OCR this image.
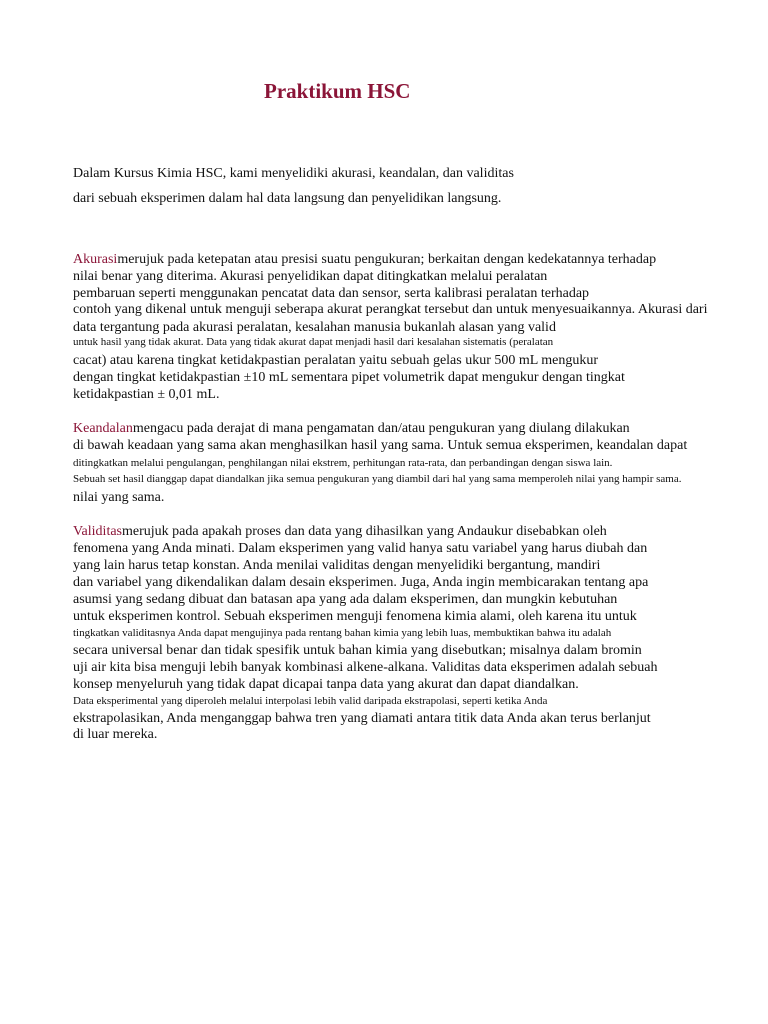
Praktikum HSC
Dalam Kursus Kimia HSC, kami menyelidiki akurasi, keandalan, dan validitas
dari sebuah eksperimen dalam hal data langsung dan penyelidikan langsung.
Akurasimerujuk pada ketepatan atau presisi suatu pengukuran; berkaitan dengan kedekatannya terhadap
nilai benar yang diterima. Akurasi penyelidikan dapat ditingkatkan melalui peralatan
pembaruan seperti menggunakan pencatat data dan sensor, serta kalibrasi peralatan terhadap
contoh yang dikenal untuk menguji seberapa akurat perangkat tersebut dan untuk menyesuaikannya. Akurasi dari
data tergantung pada akurasi peralatan, kesalahan manusia bukanlah alasan yang valid
untuk hasil yang tidak akurat. Data yang tidak akurat dapat menjadi hasil dari kesalahan sistematis (peralatan
cacat) atau karena tingkat ketidakpastian peralatan yaitu sebuah gelas ukur 500 mL mengukur
dengan tingkat ketidakpastian ±10 mL sementara pipet volumetrik dapat mengukur dengan tingkat
ketidakpastian ± 0,01 mL.
Keandalanmengacu pada derajat di mana pengamatan dan/atau pengukuran yang diulang dilakukan
di bawah keadaan yang sama akan menghasilkan hasil yang sama. Untuk semua eksperimen, keandalan dapat
ditingkatkan melalui pengulangan, penghilangan nilai ekstrem, perhitungan rata-rata, dan perbandingan dengan siswa lain.
Sebuah set hasil dianggap dapat diandalkan jika semua pengukuran yang diambil dari hal yang sama memperoleh nilai yang hampir sama.
nilai yang sama.
Validitasmerujuk pada apakah proses dan data yang dihasilkan yang Andaukur disebabkan oleh
fenomena yang Anda minati. Dalam eksperimen yang valid hanya satu variabel yang harus diubah dan
yang lain harus tetap konstan. Anda menilai validitas dengan menyelidiki bergantung, mandiri
dan variabel yang dikendalikan dalam desain eksperimen. Juga, Anda ingin membicarakan tentang apa
asumsi yang sedang dibuat dan batasan apa yang ada dalam eksperimen, dan mungkin kebutuhan
untuk eksperimen kontrol. Sebuah eksperimen menguji fenomena kimia alami, oleh karena itu untuk
tingkatkan validitasnya Anda dapat mengujinya pada rentang bahan kimia yang lebih luas, membuktikan bahwa itu adalah
secara universal benar dan tidak spesifik untuk bahan kimia yang disebutkan; misalnya dalam bromin
uji air kita bisa menguji lebih banyak kombinasi alkene-alkana. Validitas data eksperimen adalah sebuah
konsep menyeluruh yang tidak dapat dicapai tanpa data yang akurat dan dapat diandalkan.
Data eksperimental yang diperoleh melalui interpolasi lebih valid daripada ekstrapolasi, seperti ketika Anda
ekstrapolasikan, Anda menganggap bahwa tren yang diamati antara titik data Anda akan terus berlanjut
di luar mereka.
